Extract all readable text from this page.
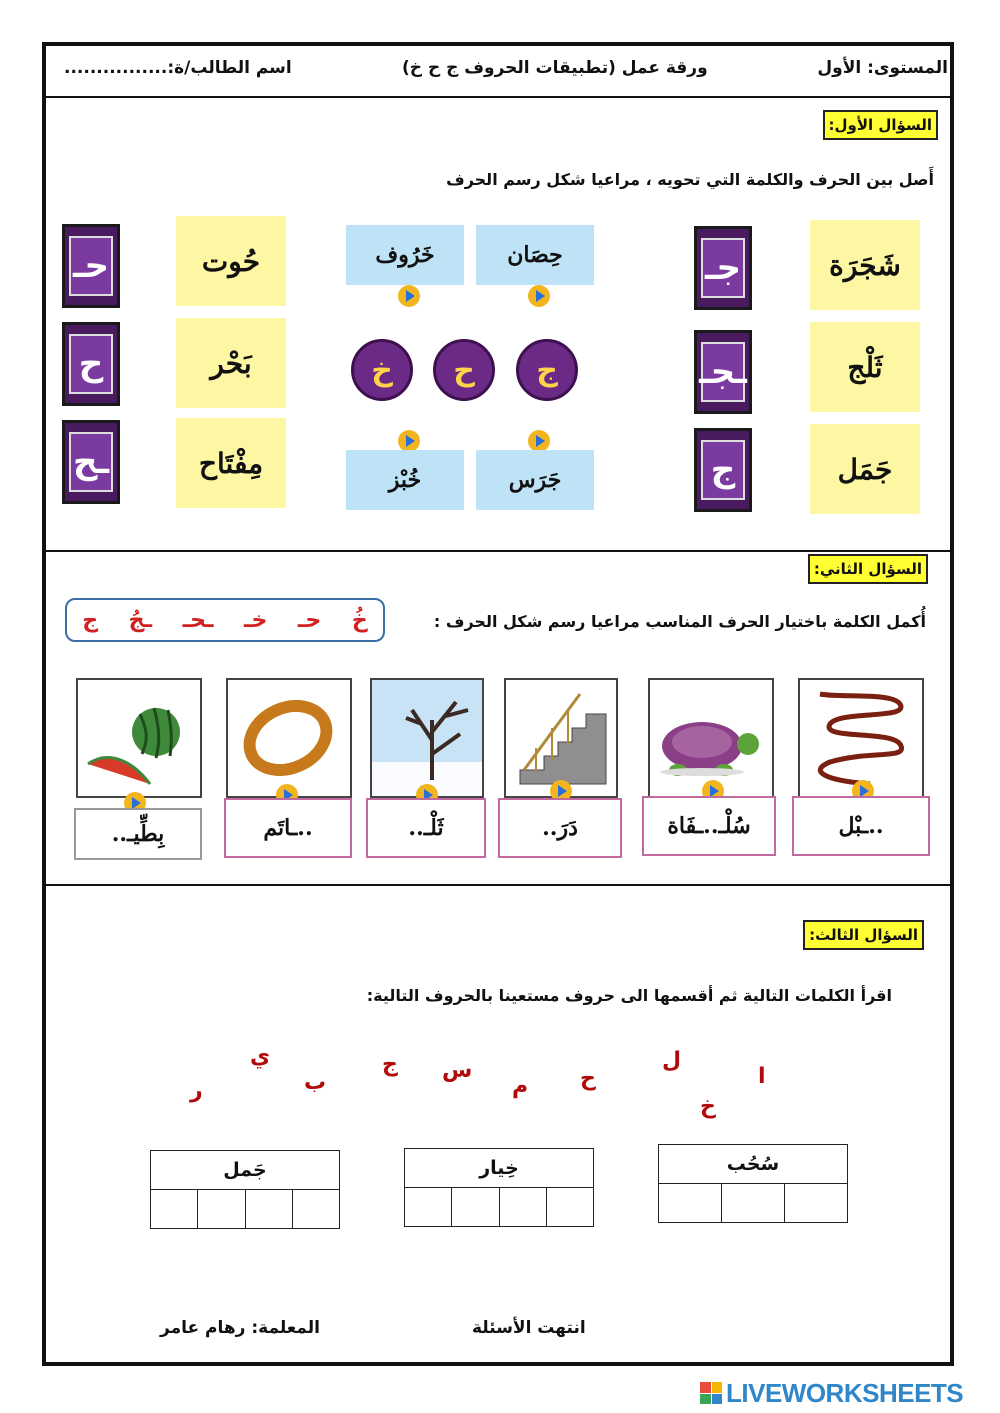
المستوى: الأول
ورقة عمل (تطبيقات الحروف ج ح خ)
اسم الطالب/ة:................
السؤال الأول:
أَصل بين الحرف والكلمة التي تحويه ، مراعيا شكل رسم الحرف
شَجَرَة
ثَلْج
جَمَل
جـ
ـجـ
ج
حِصَان
خَرُوف
ج
ح
خ
جَرَس
خُبْز
حُوت
بَحْر
مِفْتَاح
حـ
ح
ـح
السؤال الثاني:
أُكمل الكلمة باختيار الحرف المناسب مراعيا رسم شكل الحرف :
خُ
حـ
خـ
ـحـ
ـجُ
ج
..ـبْل
سُلْـ..ـفَاة
دَرَ..
ثَلْـ..
..ـاتَم
بِطِّيـ..
السؤال الثالث:
اقرأ الكلمات التالية ثم أقسمها الى حروف مستعينا بالحروف التالية:
ا
خ
ل
ح
م
س
ج
ب
ي
ر
سُحُب
خِيار
جَمل
انتهت الأسئلة
المعلمة: رهام عامر
LIVEWORKSHEETS
